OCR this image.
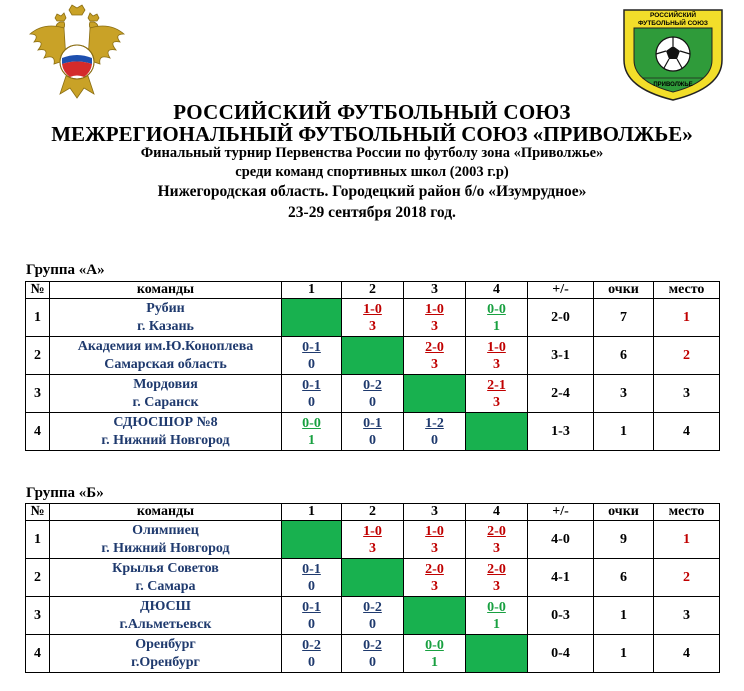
РОССИЙСКИЙ
ФУТБОЛЬНЫЙ СОЮЗ
ПРИВОЛЖЬЕ
РОССИЙСКИЙ ФУТБОЛЬНЫЙ СОЮЗ
МЕЖРЕГИОНАЛЬНЫЙ ФУТБОЛЬНЫЙ СОЮЗ «ПРИВОЛЖЬЕ»
Финальный турнир Первенства России по футболу зона «Приволжье»
среди команд спортивных школ (2003 г.р)
Нижегородская область. Городецкий район б/о «Изумрудное»
23-29 сентября 2018 год.
Группа «А»
№	команды	1	2	3	4	+/-	очки	место
1	Рубин
г. Казань		$\frac{1-0}{3}$	$\frac{1-0}{3}$	$\frac{0-0}{1}$	2-0	7	1
2	Академия им.Ю.Коноплева
Самарская область	$\frac{0-1}{0}$		$\frac{2-0}{3}$	$\frac{1-0}{3}$	3-1	6	2
3	Мордовия
г. Саранск	$\frac{0-1}{0}$	$\frac{0-2}{0}$		$\frac{2-1}{3}$	2-4	3	3
4	СДЮСШОР №8
г. Нижний Новгород	$\frac{0-0}{1}$	$\frac{0-1}{0}$	$\frac{1-2}{0}$		1-3	1	4
Группа «Б»
№	команды	1	2	3	4	+/-	очки	место
1	Олимпиец
г. Нижний Новгород		$\frac{1-0}{3}$	$\frac{1-0}{3}$	$\frac{2-0}{3}$	4-0	9	1
2	Крылья Советов
г. Самара	$\frac{0-1}{0}$		$\frac{2-0}{3}$	$\frac{2-0}{3}$	4-1	6	2
3	ДЮСШ
г.Альметьевск	$\frac{0-1}{0}$	$\frac{0-2}{0}$		$\frac{0-0}{1}$	0-3	1	3
4	Оренбург
г.Оренбург	$\frac{0-2}{0}$	$\frac{0-2}{0}$	$\frac{0-0}{1}$		0-4	1	4
